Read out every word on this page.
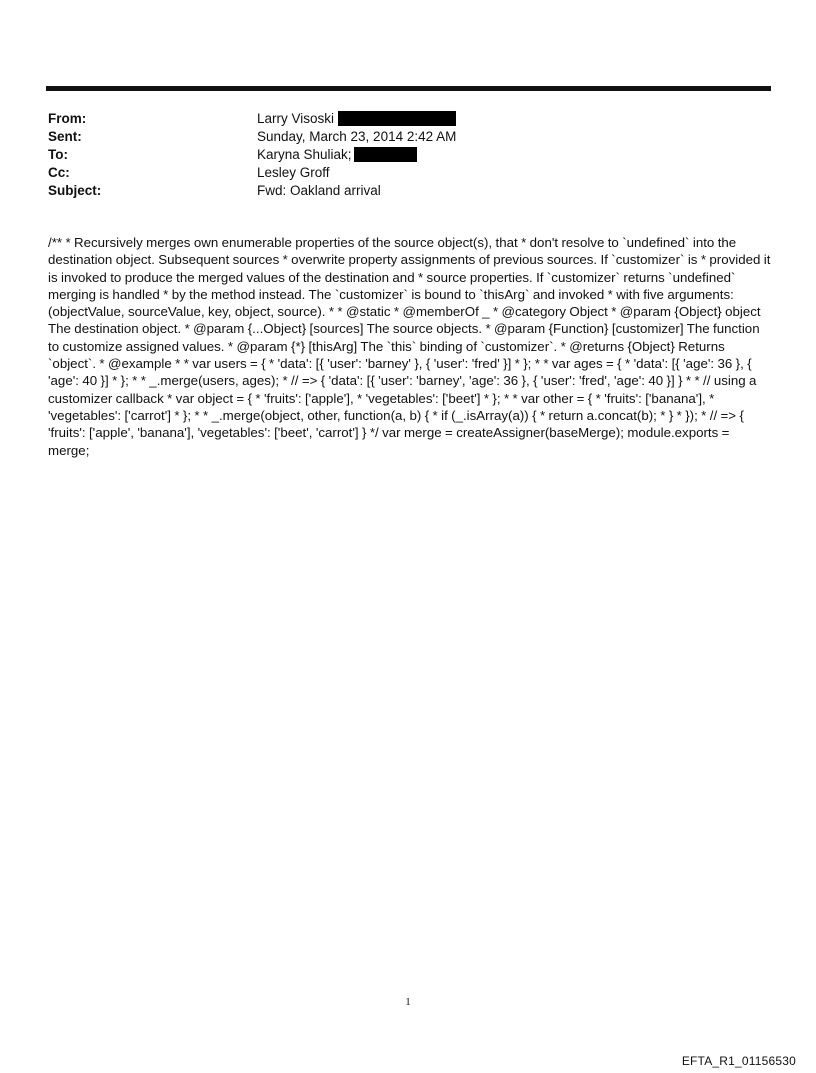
From:	Larry Visoski
Sent:	Sunday, March 23, 2014 2:42 AM
To:	Karyna Shuliak;
Cc:	Lesley Groff
Subject:	Fwd: Oakland arrival

/** * Recursively merges own enumerable properties of the source object(s), that * don't resolve to `undefined` into the destination object. Subsequent sources * overwrite property assignments of previous sources. If `customizer` is * provided it is invoked to produce the merged values of the destination and * source properties. If `customizer` returns `undefined` merging is handled * by the method instead. The `customizer` is bound to `thisArg` and invoked * with five arguments: (objectValue, sourceValue, key, object, source). * * @static * @memberOf _ * @category Object * @param {Object} object The destination object. * @param {...Object} [sources] The source objects. * @param {Function} [customizer] The function to customize assigned values. * @param {*} [thisArg] The `this` binding of `customizer`. * @returns {Object} Returns `object`. * @example * * var users = { * 'data': [{ 'user': 'barney' }, { 'user': 'fred' }] * }; * * var ages = { * 'data': [{ 'age': 36 }, { 'age': 40 }] * }; * * _.merge(users, ages); * // => { 'data': [{ 'user': 'barney', 'age': 36 }, { 'user': 'fred', 'age': 40 }] } * * // using a customizer callback * var object = { * 'fruits': ['apple'], * 'vegetables': ['beet'] * }; * * var other = { * 'fruits': ['banana'], * 'vegetables': ['carrot'] * }; * * _.merge(object, other, function(a, b) { * if (_.isArray(a)) { * return a.concat(b); * } * }); * // => { 'fruits': ['apple', 'banana'], 'vegetables': ['beet', 'carrot'] } */ var merge = createAssigner(baseMerge); module.exports = merge;

1
EFTA_R1_01156530
